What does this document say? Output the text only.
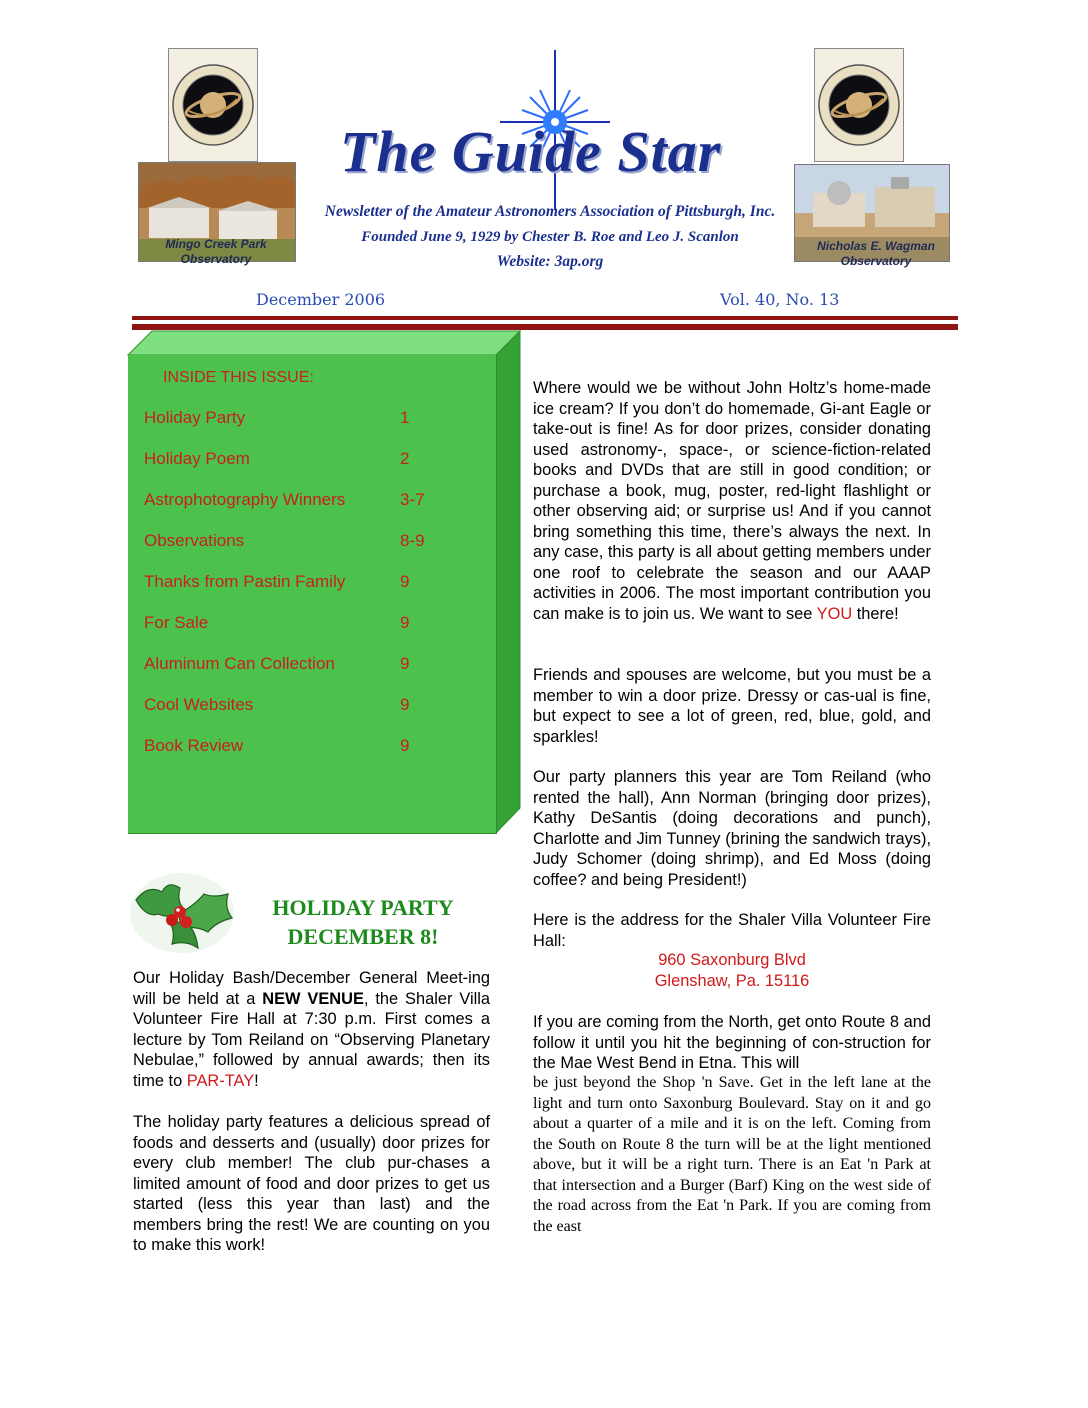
Mingo Creek Park
Observatory
Nicholas E. Wagman
Observatory
The Guide Star
Newsletter of the Amateur Astronomers Association of Pittsburgh, Inc.
Founded June 9, 1929 by Chester B. Roe and Leo J. Scanlon
Website: 3ap.org
December 2006	Vol. 40, No. 13
INSIDE THIS ISSUE:
Holiday Party	1
Holiday Poem	2
Astrophotography Winners	3-7
Observations	8-9
Thanks from Pastin Family	9
For Sale	9
Aluminum Can Collection	9
Cool Websites	9
Book Review	9
HOLIDAY PARTY
DECEMBER 8!
Our Holiday Bash/December General Meet-ing will be held at a NEW VENUE, the Shaler Villa Volunteer Fire Hall at 7:30 p.m. First comes a lecture by Tom Reiland on “Observing Planetary Nebulae,” followed by annual awards; then its time to PAR-TAY!
The holiday party features a delicious spread of foods and desserts and (usually) door prizes for every club member! The club pur-chases a limited amount of food and door prizes to get us started (less this year than last) and the members bring the rest! We are counting on you to make this work!
Where would we be without John Holtz’s home-made ice cream? If you don’t do homemade, Gi-ant Eagle or take-out is fine! As for door prizes, consider donating used astronomy-, space-, or science-fiction-related books and DVDs that are still in good condition; or purchase a book, mug, poster, red-light flashlight or other observing aid; or surprise us! And if you cannot bring something this time, there’s always the next. In any case, this party is all about getting members under one roof to celebrate the season and our AAAP activities in 2006. The most important contribution you can make is to join us. We want to see YOU there!
Friends and spouses are welcome, but you must be a member to win a door prize. Dressy or cas-ual is fine, but expect to see a lot of green, red, blue, gold, and sparkles!
Our party planners this year are Tom Reiland (who rented the hall), Ann Norman (bringing door prizes), Kathy DeSantis (doing decorations and punch), Charlotte and Jim Tunney (brining the sandwich trays), Judy Schomer (doing shrimp), and Ed Moss (doing coffee? and being President!)
Here is the address for the Shaler Villa Volunteer Fire Hall:
960 Saxonburg Blvd
Glenshaw, Pa. 15116
If you are coming from the North, get onto Route 8 and follow it until you hit the beginning of con-struction for the Mae West Bend in Etna. This will
be just beyond the Shop 'n Save. Get in the left lane at the light and turn onto Saxonburg Boulevard. Stay on it and go about a quarter of a mile and it is on the left. Coming from the South on Route 8 the turn will be at the light mentioned above, but it will be a right turn. There is an Eat 'n Park at that intersection and a Burger (Barf) King on the west side of the road across from the Eat 'n Park. If you are coming from the east
